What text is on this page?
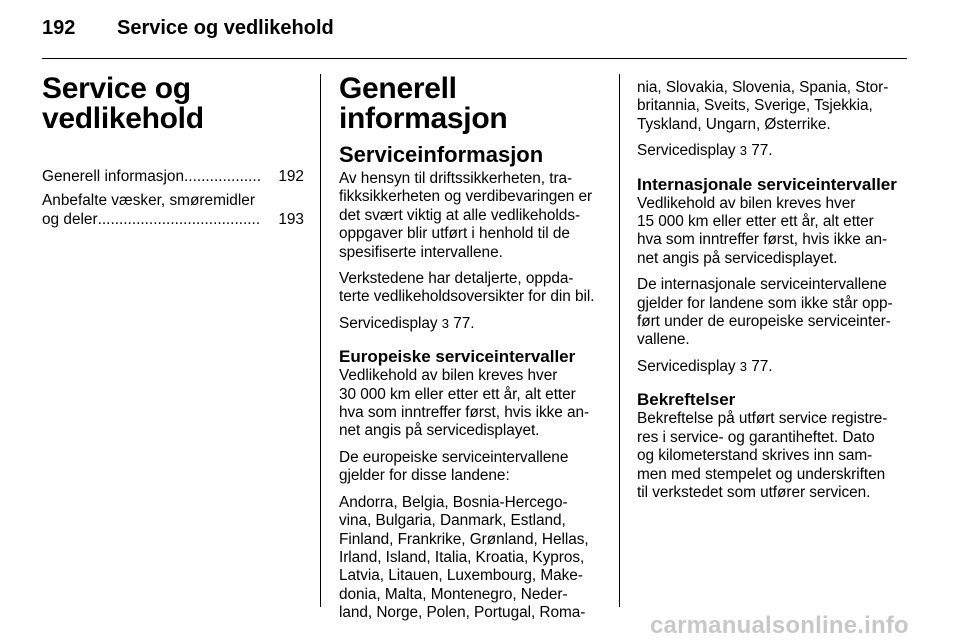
192 Service og vedlikehold
Service og
vedlikehold
Generell informasjon ..................	192
Anbefalte væsker, smøremidler
og deler ......................................	193
Generell informasjon
Serviceinformasjon
Av hensyn til driftssikkerheten, tra-
fikksikkerheten og verdibevaringen er
det svært viktig at alle vedlikeholds-
oppgaver blir utført i henhold til de
spesifiserte intervallene.
Verkstedene har detaljerte, oppda-
terte vedlikeholdsoversikter for din bil.
Servicedisplay 3 77.
Europeiske serviceintervaller
Vedlikehold av bilen kreves hver
30 000 km eller etter ett år, alt etter
hva som inntreffer først, hvis ikke an-
net angis på servicedisplayet.
De europeiske serviceintervallene
gjelder for disse landene:
Andorra, Belgia, Bosnia-Hercego-
vina, Bulgaria, Danmark, Estland,
Finland, Frankrike, Grønland, Hellas,
Irland, Island, Italia, Kroatia, Kypros,
Latvia, Litauen, Luxembourg, Make-
donia, Malta, Montenegro, Neder-
land, Norge, Polen, Portugal, Roma-
nia, Slovakia, Slovenia, Spania, Stor-
britannia, Sveits, Sverige, Tsjekkia,
Tyskland, Ungarn, Østerrike.
Servicedisplay 3 77.
Internasjonale serviceintervaller
Vedlikehold av bilen kreves hver
15 000 km eller etter ett år, alt etter
hva som inntreffer først, hvis ikke an-
net angis på servicedisplayet.
De internasjonale serviceintervallene
gjelder for landene som ikke står opp-
ført under de europeiske serviceinter-
vallene.
Servicedisplay 3 77.
Bekreftelser
Bekreftelse på utført service registre-
res i service- og garantiheftet. Dato
og kilometerstand skrives inn sam-
men med stempelet og underskriften
til verkstedet som utfører servicen.
carmanualsonline.info
